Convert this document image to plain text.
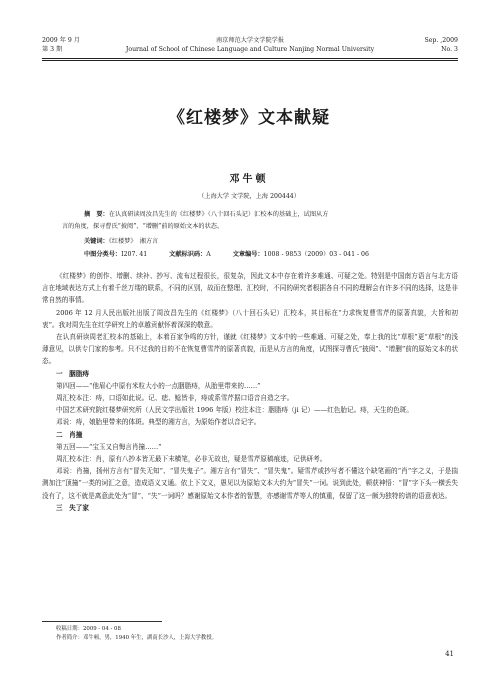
2009 年 9 月
第 3 期
南京师范大学文学院学报
Journal of School of Chinese Language and Culture Nanjing Normal University
Sep. ,2009
No. 3
《红楼梦》文本献疑
邓牛顿
（上海大学 文学院，上海 200444）
摘　要：在认真研读周汝昌先生的《红楼梦》（八十回石头记）汇校本的基础上，试图从方
言的角度，探寻曹氏“披阅”、“增删”前的原始文本的状态。
关键词：《红楼梦》　湘方言
中图分类号：I207. 41	文献标识码：A	文章编号：1008 - 9853（2009）03 - 041 - 06

《红楼梦》的创作、增删、续补、抄写、流布过程很长，很复杂，因此文本中存在着许多难通、可疑之处。特别是中国南方语言与北方语言在地域表达方式上有着千丝万缕的联系，不同的区别，故而在整理、汇校时，不同的研究者根据各自不同的理解会有许多不同的选择，这是非常自然的事情。

2006 年 12 月人民出版社出版了周汝昌先生的《红楼梦》（八十回石头记）汇校本，其目标在“力求恢复曹雪芹的原著真貌，大旨和初衷”。我对周先生在红学研究上的卓越贡献怀着深深的敬意。

在认真研读周老汇校本的基础上，本着百家争鸣的方针，谨就《红楼梦》文本中的一些难通、可疑之处，奉上我的比“草根”更“草根”的浅薄意见，以供专门家的参考。只不过我的目的不在恢复曹雪芹的原著真貌，而是从方言的角度，试图探寻曹氏“披阅”、“增删”前的原始文本的状态。

一　胭脂痔

第四回——“他眉心中原有米粒大小的一点胭脂痔，从胎里带来的……”

周汇校本注：痔，口语如此说。记、痣、鲶皆非，痔或系雪芹据口语音自造之字。

中国艺术研究院红楼梦研究所（人民文学出版社 1996 年版）校注本注：胭脂痔（ji 记）——红色胎记。痔，天生的色斑。

邓说：痔，娘胎里带来的体斑。典型的湘方言，为原始作者以音记字。

二　肖撞

第五回——“宝玉又自悔言肖撞……”

周汇校本注：肖，原有八抄本皆无最下末横笔，必非无故也，疑是雪芹原稿痕迹，记供研考。

邓说：肖撞，扬州方言有“冒失无知”、“冒失鬼子”。湘方言有“冒失”、“冒失鬼”。疑雪芹或抄写者不懂这个缺笔画的“肖”字之义，于是揣测加注“顶撞”一类的词汇之意，造成语义又通。依上下文义，愚见以为原始文本大约为“冒失”一词。说到此处，顿获神悟：“冒”字下头一横丢失没有了，这不就是离意此处为“冒”、“失”一词吗？感谢原始文本作者的智慧，亦感谢雪芹等人的慎重，保留了这一颇为独特的谱的语意表达。

三　失了家

收稿日期：2009 - 04 - 08
作者简介：邓牛顿，男，1940 年生，湖南长沙人，上海大学教授。
41
